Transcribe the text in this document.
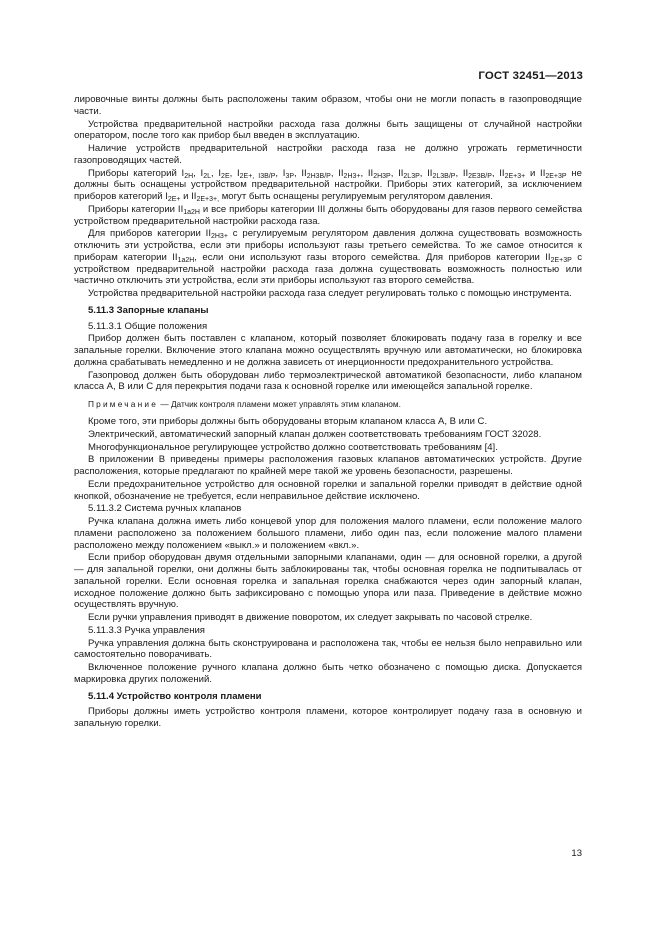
ГОСТ 32451—2013

лировочные винты должны быть расположены таким образом, чтобы они не могли попасть в газопроводящие части.

Устройства предварительной настройки расхода газа должны быть защищены от случайной настройки оператором, после того как прибор был введен в эксплуатацию.

Наличие устройств предварительной настройки расхода газа не должно угрожать герметичности газопроводящих частей.

Приборы категорий $I_{2H}$, $I_{2L}$, $I_{2E}$, $I_{2E+, I3B/P}$, $I_{3P}$, $II_{2H3B/P}$, $II_{2H3+}$, $II_{2H3P}$, $II_{2L3P}$, $II_{2L3B/P}$, $II_{2E3B/P}$, $II_{2E+3+}$ и $II_{2E+3P}$ не должны быть оснащены устройством предварительной настройки. Приборы этих категорий, за исключением приборов категорий $I_{2E+}$ и $II_{2E+3+,}$ могут быть оснащены регулируемым регулятором давления.

Приборы категории $II_{1a2H}$ и все приборы категории III должны быть оборудованы для газов первого семейства устройством предварительной настройки расхода газа.

Для приборов категории $II_{2H3+}$ с регулируемым регулятором давления должна существовать возможность отключить эти устройства, если эти приборы используют газы третьего семейства. То же самое относится к приборам категории $II_{1a2H}$, если они используют газы второго семейства. Для приборов категории $II_{2E+3P}$ с устройством предварительной настройки расхода газа должна существовать возможность полностью или частично отключить эти устройства, если эти приборы используют газ второго семейства.

Устройства предварительной настройки расхода газа следует регулировать только с помощью инструмента.

5.11.3 Запорные клапаны

5.11.3.1 Общие положения

Прибор должен быть поставлен с клапаном, который позволяет блокировать подачу газа в горелку и все запальные горелки. Включение этого клапана можно осуществлять вручную или автоматически, но блокировка должна срабатывать немедленно и не должна зависеть от инерционности предохранительного устройства.

Газопровод должен быть оборудован либо термоэлектрической автоматикой безопасности, либо клапаном класса А, В или С для перекрытия подачи газа к основной горелке или имеющейся запальной горелке.

Примечание — Датчик контроля пламени может управлять этим клапаном.

Кроме того, эти приборы должны быть оборудованы вторым клапаном класса А, В или С.

Электрический, автоматический запорный клапан должен соответствовать требованиям ГОСТ 32028.

Многофункциональное регулирующее устройство должно соответствовать требованиям [4].

В приложении В приведены примеры расположения газовых клапанов автоматических устройств. Другие расположения, которые предлагают по крайней мере такой же уровень безопасности, разрешены.

Если предохранительное устройство для основной горелки и запальной горелки приводят в действие одной кнопкой, обозначение не требуется, если неправильное действие исключено.

5.11.3.2 Система ручных клапанов

Ручка клапана должна иметь либо концевой упор для положения малого пламени, если положение малого пламени расположено за положением большого пламени, либо один паз, если положение малого пламени расположено между положением «выкл.» и положением «вкл.».

Если прибор оборудован двумя отдельными запорными клапанами, один — для основной горелки, а другой — для запальной горелки, они должны быть заблокированы так, чтобы основная горелка не подпитывалась от запальной горелки. Если основная горелка и запальная горелка снабжаются через один запорный клапан, исходное положение должно быть зафиксировано с помощью упора или паза. Приведение в действие можно осуществлять вручную.

Если ручки управления приводят в движение поворотом, их следует закрывать по часовой стрелке.

5.11.3.3 Ручка управления

Ручка управления должна быть сконструирована и расположена так, чтобы ее нельзя было неправильно или самостоятельно поворачивать.

Включенное положение ручного клапана должно быть четко обозначено с помощью диска. Допускается маркировка других положений.

5.11.4 Устройство контроля пламени

Приборы должны иметь устройство контроля пламени, которое контролирует подачу газа в основную и запальную горелки.

13
